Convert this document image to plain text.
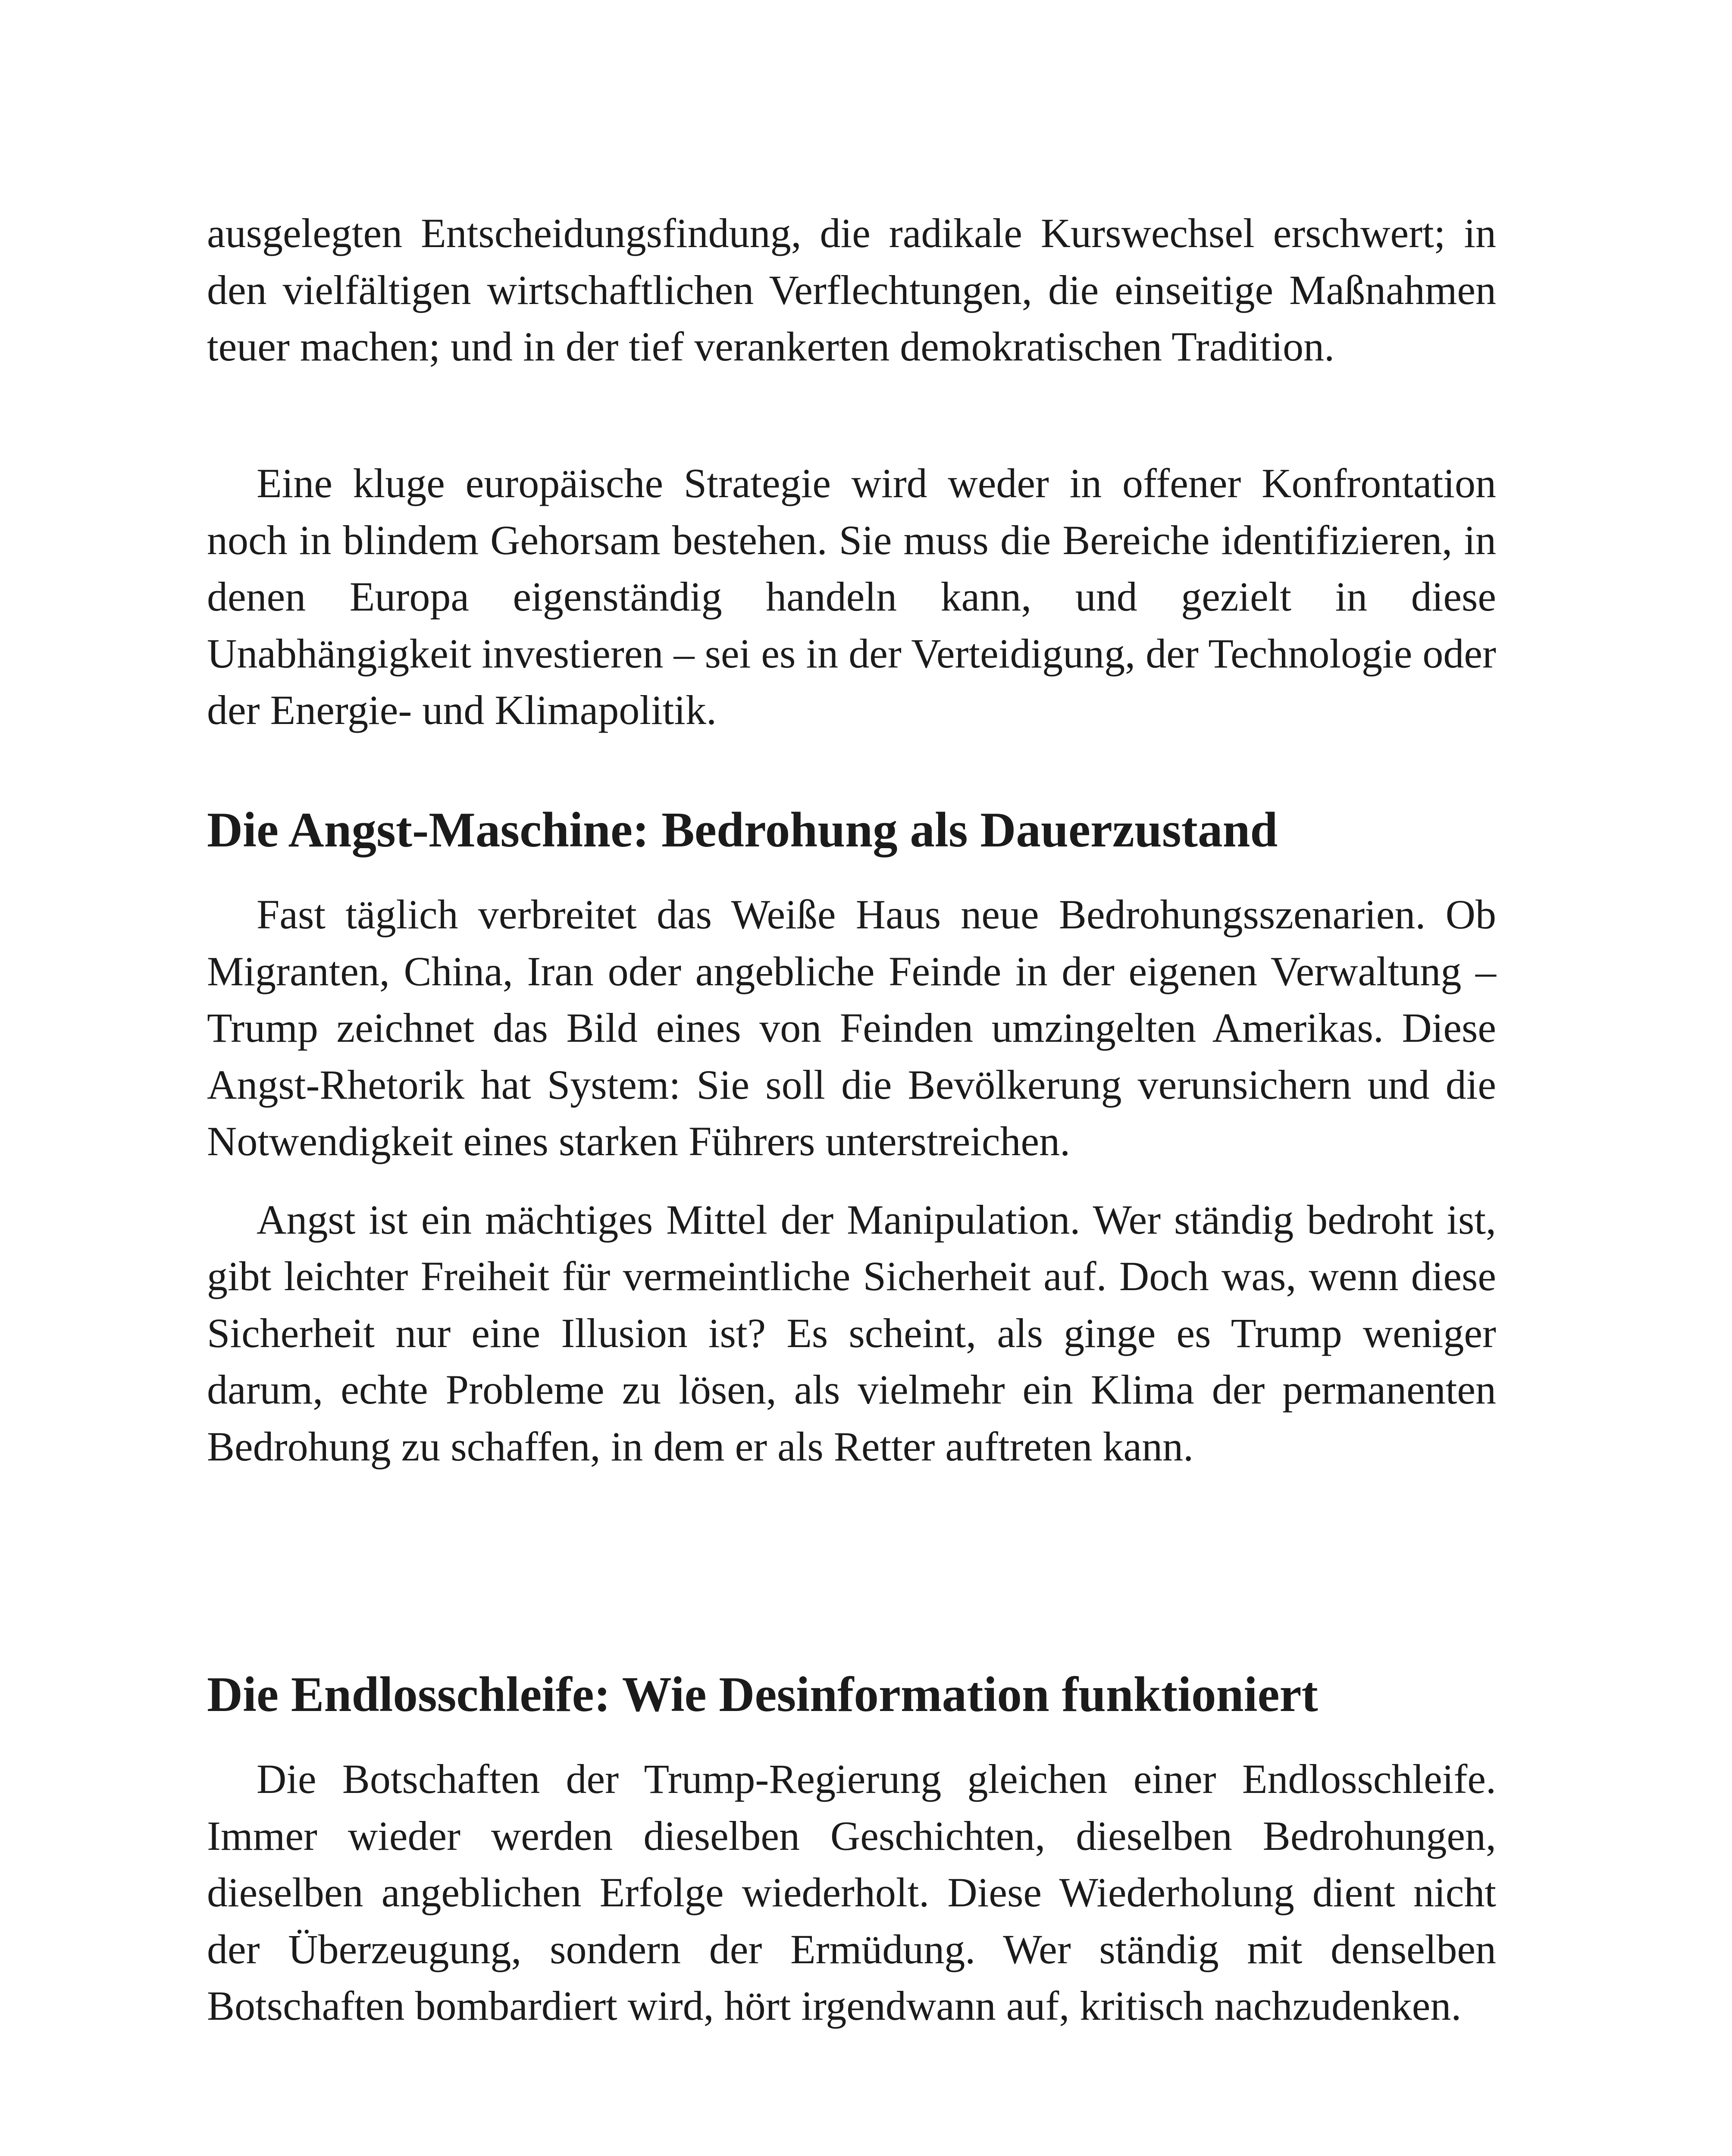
ausgelegten Entscheidungsfindung, die radikale Kurswechsel erschwert; in den vielfältigen wirtschaftlichen Verflechtungen, die einseitige Maßnahmen teuer machen; und in der tief verankerten demokratischen Tradition.

Eine kluge europäische Strategie wird weder in offener Konfrontation noch in blindem Gehorsam bestehen. Sie muss die Bereiche identifizieren, in denen Europa eigenständig handeln kann, und gezielt in diese Unabhängigkeit investieren – sei es in der Verteidigung, der Technologie oder der Energie- und Klimapolitik.

Die Angst-Maschine: Bedrohung als Dauerzustand

Fast täglich verbreitet das Weiße Haus neue Bedrohungsszenarien. Ob Migranten, China, Iran oder angebliche Feinde in der eigenen Verwaltung – Trump zeichnet das Bild eines von Feinden umzingelten Amerikas. Diese Angst-Rhetorik hat System: Sie soll die Bevölkerung verunsichern und die Notwendigkeit eines starken Führers unterstreichen.

Angst ist ein mächtiges Mittel der Manipulation. Wer ständig bedroht ist, gibt leichter Freiheit für vermeintliche Sicherheit auf. Doch was, wenn diese Sicherheit nur eine Illusion ist? Es scheint, als ginge es Trump weniger darum, echte Probleme zu lösen, als vielmehr ein Klima der permanenten Bedrohung zu schaffen, in dem er als Retter auftreten kann.

Die Endlosschleife: Wie Desinformation funktioniert

Die Botschaften der Trump-Regierung gleichen einer Endlosschleife. Immer wieder werden dieselben Geschichten, dieselben Bedrohungen, dieselben angeblichen Erfolge wiederholt. Diese Wiederholung dient nicht der Überzeugung, sondern der Ermüdung. Wer ständig mit denselben Botschaften bombardiert wird, hört irgendwann auf, kritisch nachzudenken.
